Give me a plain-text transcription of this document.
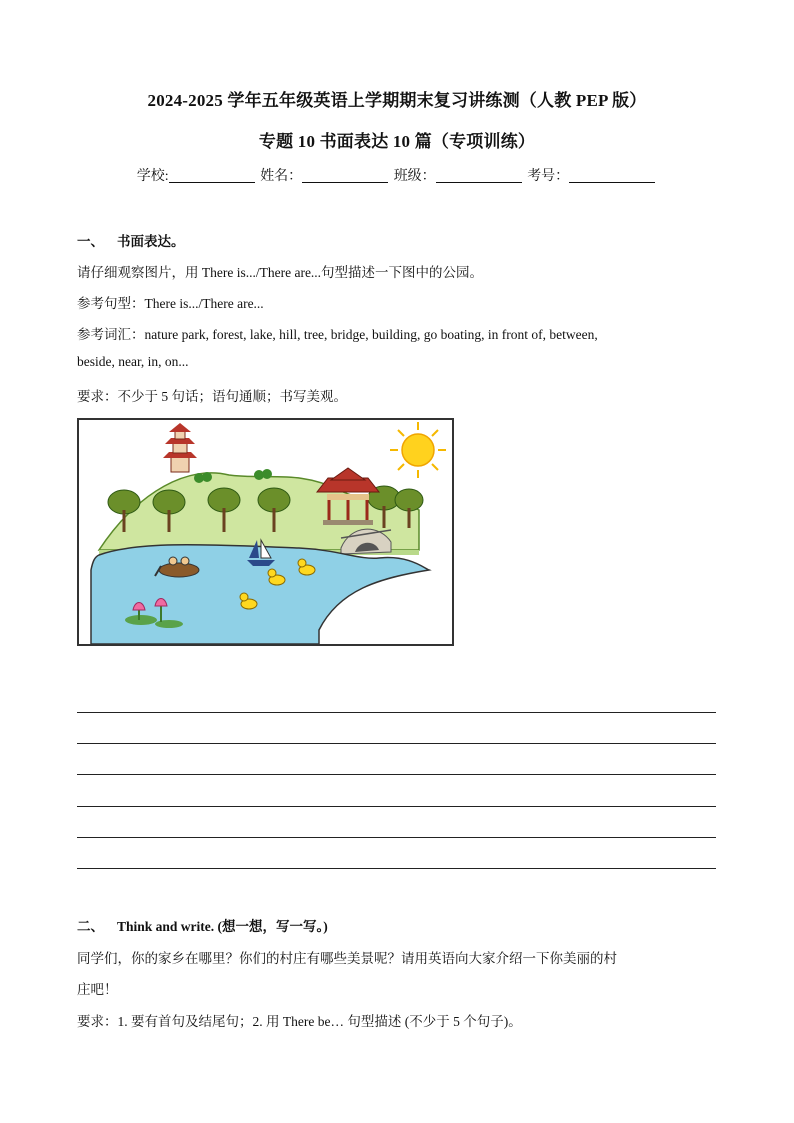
2024-2025 学年五年级英语上学期期末复习讲练测（人教 PEP 版）
专题 10 书面表达 10 篇（专项训练）
学校:	姓名：	班级：	考号：
一、 书面表达。
请仔细观察图片，用 There is.../There are...句型描述一下图中的公园。
参考句型：There is.../There are...
参考词汇：nature park, forest, lake, hill, tree, bridge, building, go boating, in front of, between,
beside, near, in, on...
要求：不少于 5 句话；语句通顺；书写美观。
二、 Think and write. (想一想，写一写。)
同学们，你的家乡在哪里？你们的村庄有哪些美景呢？请用英语向大家介绍一下你美丽的村
庄吧！
要求：1. 要有首句及结尾句；2. 用 There be… 句型描述 (不少于 5 个句子)。
